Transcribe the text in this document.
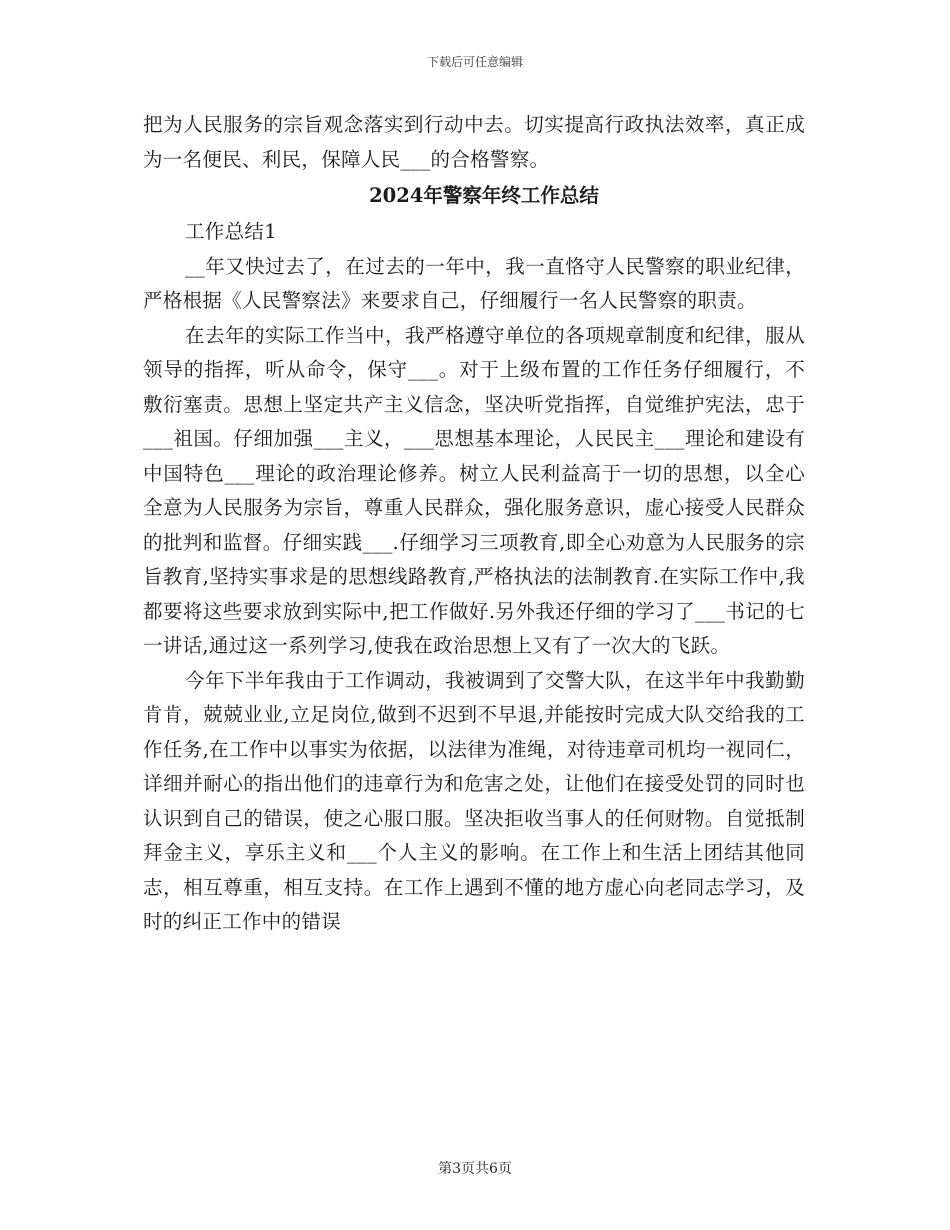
下载后可任意编辑

把为人民服务的宗旨观念落实到行动中去。切实提高行政执法效率，真正成为一名便民、利民，保障人民___的合格警察。

2024年警察年终工作总结

工作总结1

__年又快过去了，在过去的一年中，我一直恪守人民警察的职业纪律，严格根据《人民警察法》来要求自己，仔细履行一名人民警察的职责。

在去年的实际工作当中，我严格遵守单位的各项规章制度和纪律，服从领导的指挥，听从命令，保守___。对于上级布置的工作任务仔细履行，不敷衍塞责。思想上坚定共产主义信念，坚决听党指挥，自觉维护宪法，忠于___祖国。仔细加强___主义，___思想基本理论，人民民主___理论和建设有中国特色___理论的政治理论修养。树立人民利益高于一切的思想，以全心全意为人民服务为宗旨，尊重人民群众，强化服务意识，虚心接受人民群众的批判和监督。仔细实践___.仔细学习三项教育,即全心劝意为人民服务的宗旨教育,坚持实事求是的思想线路教育,严格执法的法制教育.在实际工作中,我都要将这些要求放到实际中,把工作做好.另外我还仔细的学习了___书记的七一讲话,通过这一系列学习,使我在政治思想上又有了一次大的飞跃。

今年下半年我由于工作调动，我被调到了交警大队，在这半年中我勤勤肯肯，兢兢业业,立足岗位,做到不迟到不早退,并能按时完成大队交给我的工作任务,在工作中以事实为依据，以法律为准绳，对待违章司机均一视同仁，详细并耐心的指出他们的违章行为和危害之处，让他们在接受处罚的同时也认识到自己的错误，使之心服口服。坚决拒收当事人的任何财物。自觉抵制拜金主义，享乐主义和___个人主义的影响。在工作上和生活上团结其他同志，相互尊重，相互支持。在工作上遇到不懂的地方虚心向老同志学习，及时的纠正工作中的错误

第3页共6页
